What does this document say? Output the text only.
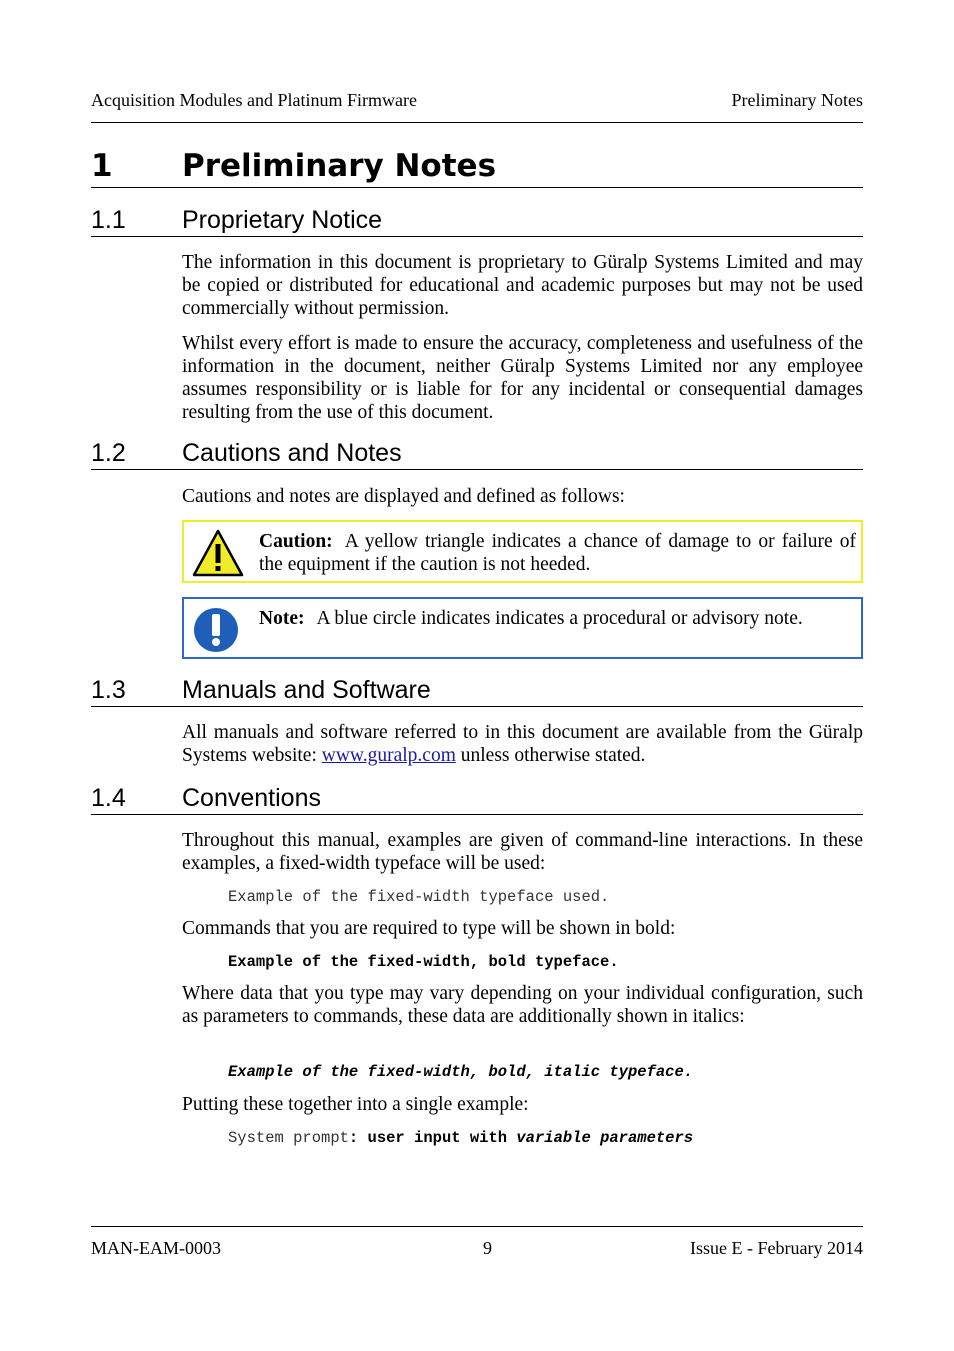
Acquisition Modules and Platinum Firmware	Preliminary Notes
1 Preliminary Notes
1.1 Proprietary Notice
The information in this document is proprietary to Güralp Systems Limited and may be copied or distributed for educational and academic purposes but may not be used commercially without permission.
Whilst every effort is made to ensure the accuracy, completeness and usefulness of the information in the document, neither Güralp Systems Limited nor any employee assumes responsibility or is liable for for any incidental or consequential damages resulting from the use of this document.
1.2 Cautions and Notes
Cautions and notes are displayed and defined as follows:
Caution: A yellow triangle indicates a chance of damage to or failure of the equipment if the caution is not heeded.
Note: A blue circle indicates indicates a procedural or advisory note.
1.3 Manuals and Software
All manuals and software referred to in this document are available from the Güralp Systems website: www.guralp.com unless otherwise stated.
1.4 Conventions
Throughout this manual, examples are given of command-line interactions. In these examples, a fixed-width typeface will be used:
Example of the fixed-width typeface used.
Commands that you are required to type will be shown in bold:
Example of the fixed-width, bold typeface.
Where data that you type may vary depending on your individual configuration, such as parameters to commands, these data are additionally shown in italics:
Example of the fixed-width, bold, italic typeface.
Putting these together into a single example:
System prompt: user input with variable parameters
MAN-EAM-0003	9	Issue E - February 2014
